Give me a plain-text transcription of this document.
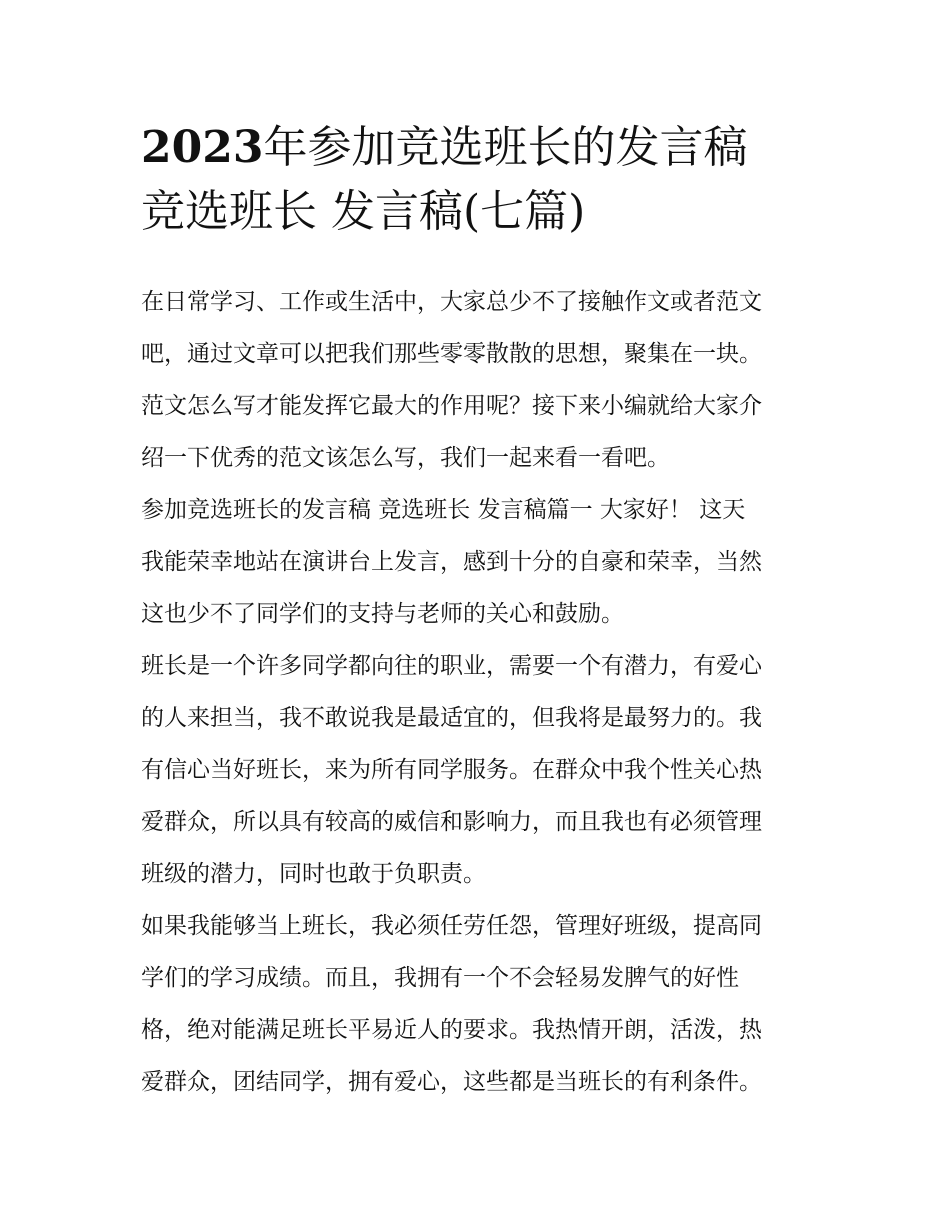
2023年参加竞选班长的发言稿
竞选班长 发言稿(七篇)
在日常学习、工作或生活中，大家总少不了接触作文或者范文
吧，通过文章可以把我们那些零零散散的思想，聚集在一块。
范文怎么写才能发挥它最大的作用呢？接下来小编就给大家介
绍一下优秀的范文该怎么写，我们一起来看一看吧。
参加竞选班长的发言稿 竞选班长 发言稿篇一 大家好！ 这天
我能荣幸地站在演讲台上发言，感到十分的自豪和荣幸，当然
这也少不了同学们的支持与老师的关心和鼓励。
班长是一个许多同学都向往的职业，需要一个有潜力，有爱心
的人来担当，我不敢说我是最适宜的，但我将是最努力的。我
有信心当好班长，来为所有同学服务。在群众中我个性关心热
爱群众，所以具有较高的威信和影响力，而且我也有必须管理
班级的潜力，同时也敢于负职责。
如果我能够当上班长，我必须任劳任怨，管理好班级，提高同
学们的学习成绩。而且，我拥有一个不会轻易发脾气的好性
格，绝对能满足班长平易近人的要求。我热情开朗，活泼，热
爱群众，团结同学，拥有爱心，这些都是当班长的有利条件。
